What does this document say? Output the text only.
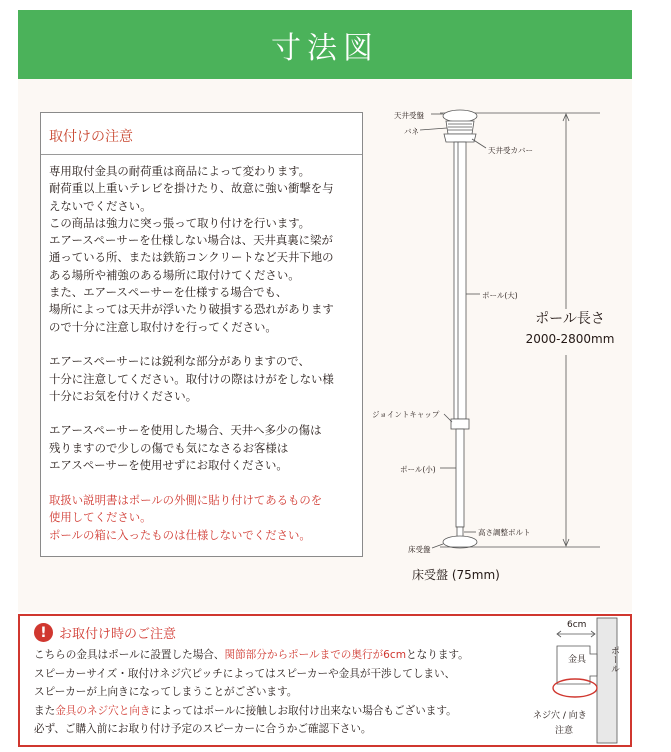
寸法図
取付けの注意
専用取付金具の耐荷重は商品によって変わります。
耐荷重以上重いテレビを掛けたり、故意に強い衝撃を与
えないでください。
この商品は強力に突っ張って取り付けを行います。
エアースペーサーを仕様しない場合は、天井真裏に梁が
通っている所、または鉄筋コンクリートなど天井下地の
ある場所や補強のある場所に取付けてください。
また、エアースペーサーを仕様する場合でも、
場所によっては天井が浮いたり破損する恐れがあります
ので十分に注意し取付けを行ってください。

エアースペーサーには鋭利な部分がありますので、
十分に注意してください。取付けの際はけがをしない様
十分にお気を付けください。

エアースペーサーを使用した場合、天井へ多少の傷は
残りますので少しの傷でも気になさるお客様は
エアスペーサーを使用せずにお取付ください。
取扱い説明書はポールの外側に貼り付けてあるものを
使用してください。
ポールの箱に入ったものは仕様しないでください。
天井受盤
バネ
天井受カバー
ポール(大)
ジョイントキャップ
ポール(小)
高さ調整ボルト
床受盤
ポール長さ
2000-2800mm
床受盤 (75mm)
! お取付け時のご注意
こちらの金具はポールに設置した場合、関節部分からポールまでの奥行が6cmとなります。
スピーカーサイズ・取付けネジ穴ピッチによってはスピーカーや金具が干渉してしまい、
スピーカーが上向きになってしまうことがございます。
また金具のネジ穴と向きによってはポールに接触しお取付け出来ない場合もございます。
必ず、ご購入前にお取り付け予定のスピーカーに合うかご確認下さい。
6cm
金具	ポール
ネジ穴 / 向き
注意
